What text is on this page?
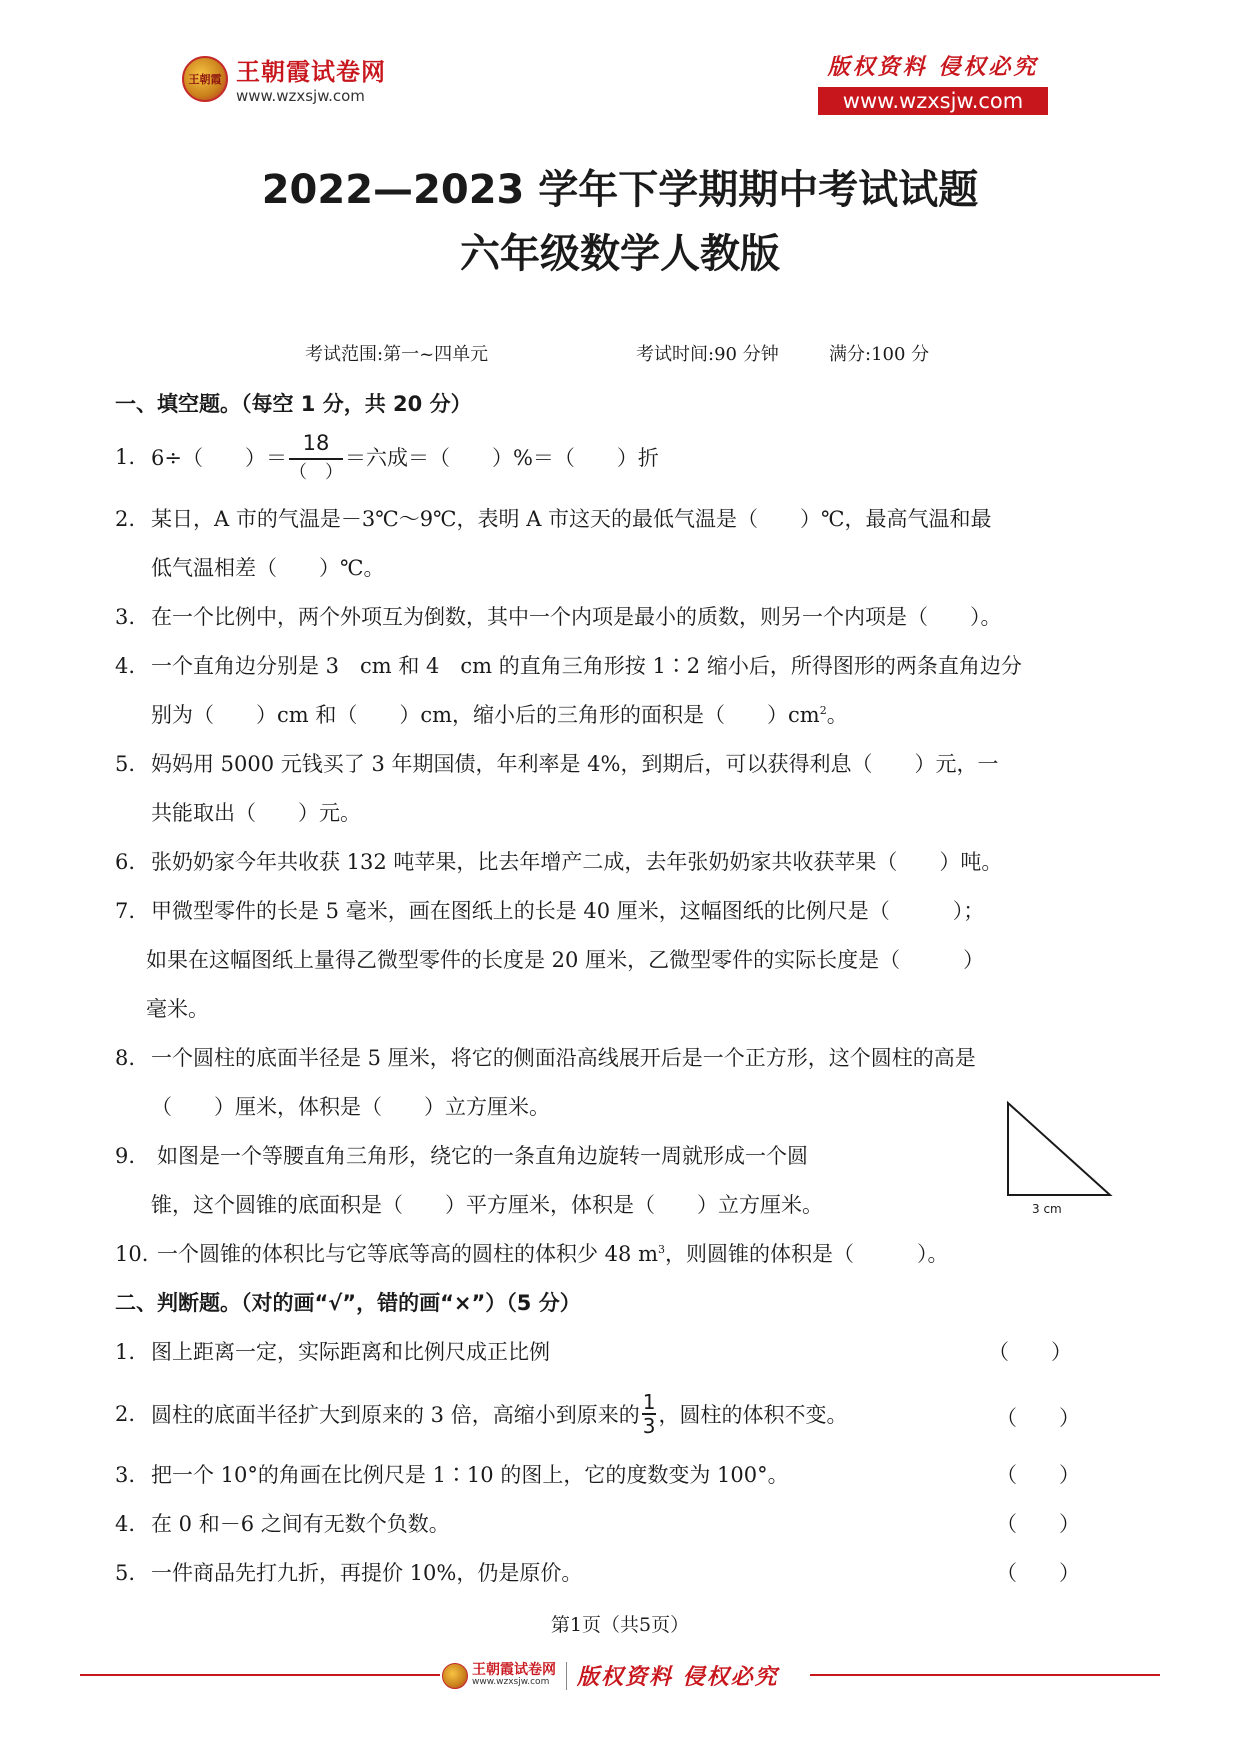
王朝霞 王朝霞试卷网
www.wzxsjw.com
版权资料 侵权必究
www.wzxsjw.com
2022—2023 学年下学期期中考试试题
六年级数学人教版
考试范围:第一~四单元	考试时间:90 分钟	满分:100 分
一、填空题。（每空 1 分，共 20 分）
1. 6÷（　　）＝ $\frac{18}{( )}$ ＝六成＝（　　）%＝（　　）折
2. 某日，A 市的气温是－3℃～9℃，表明 A 市这天的最低气温是（　　）℃，最高气温和最
低气温相差（　　）℃。
3. 在一个比例中，两个外项互为倒数，其中一个内项是最小的质数，则另一个内项是（　　）。
4. 一个直角边分别是 3　cm 和 4　cm 的直角三角形按 1∶2 缩小后，所得图形的两条直角边分
别为（　　）cm 和（　　）cm，缩小后的三角形的面积是（　　）$cm^2$。
5. 妈妈用 5000 元钱买了 3 年期国债，年利率是 4%，到期后，可以获得利息（　　）元，一
共能取出（　　）元。
6. 张奶奶家今年共收获 132 吨苹果，比去年增产二成，去年张奶奶家共收获苹果（　　）吨。
7. 甲微型零件的长是 5 毫米，画在图纸上的长是 40 厘米，这幅图纸的比例尺是（　　　）；
如果在这幅图纸上量得乙微型零件的长度是 20 厘米，乙微型零件的实际长度是（　　　）
毫米。
8. 一个圆柱的底面半径是 5 厘米，将它的侧面沿高线展开后是一个正方形，这个圆柱的高是
（　　）厘米，体积是（　　）立方厘米。
9. 如图是一个等腰直角三角形，绕它的一条直角边旋转一周就形成一个圆
锥，这个圆锥的底面积是（　　）平方厘米，体积是（　　）立方厘米。	3 cm
10. 一个圆锥的体积比与它等底等高的圆柱的体积少 48 $m^3$，则圆锥的体积是（　　　）。
二、判断题。（对的画“√”，错的画“×”）（5 分）
1. 图上距离一定，实际距离和比例尺成正比例	（　　）
2. 圆柱的底面半径扩大到原来的 3 倍，高缩小到原来的 $\frac{1}{3}$ ，圆柱的体积不变。	（　　）
3. 把一个 10°的角画在比例尺是 1∶10 的图上，它的度数变为 100°。	（　　）
4. 在 0 和－6 之间有无数个负数。	（　　）
5. 一件商品先打九折，再提价 10%，仍是原价。	（　　）
第1页（共5页）
王朝霞试卷网
www.wzxsjw.com	版权资料 侵权必究
